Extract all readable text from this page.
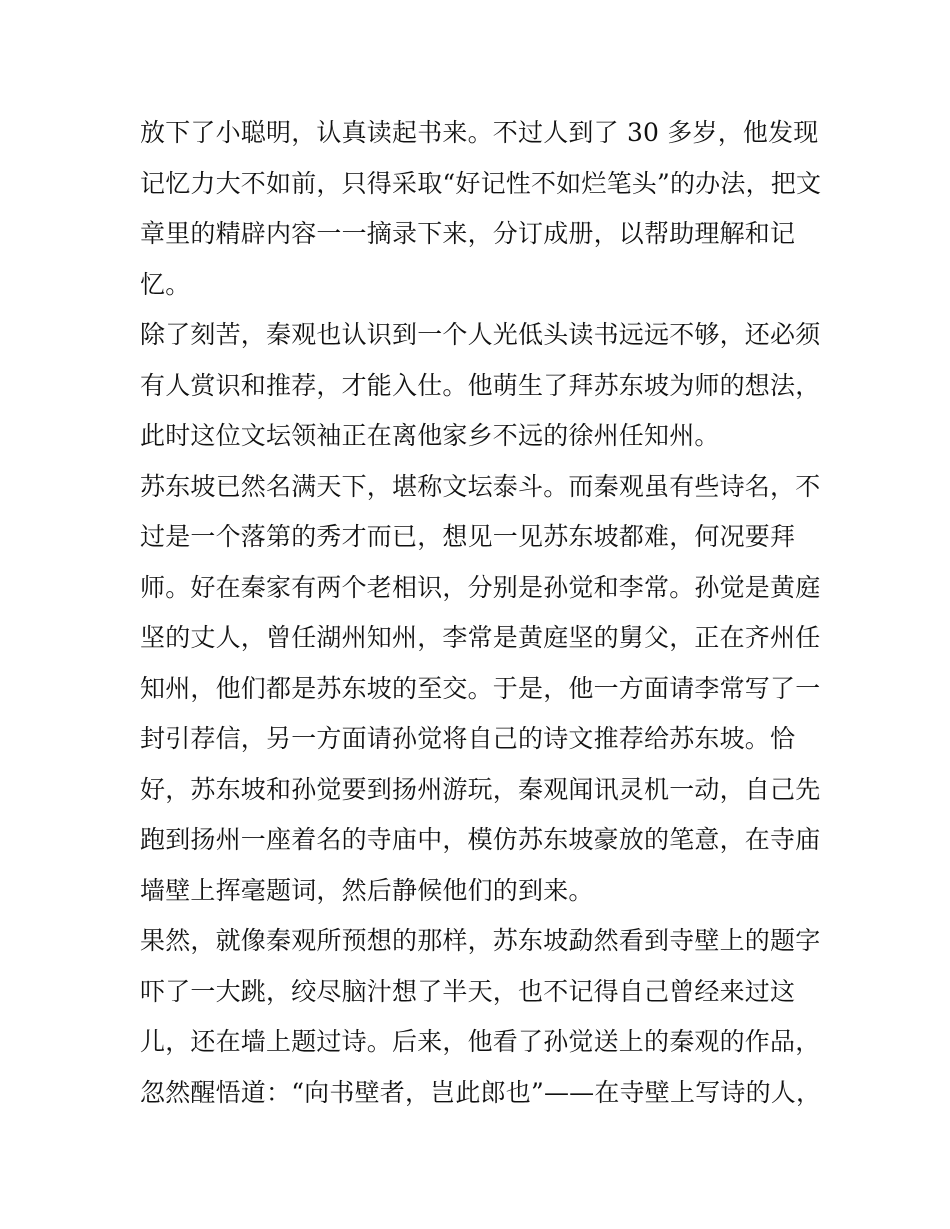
放下了小聪明，认真读起书来。不过人到了 30 多岁，他发现
记忆力大不如前，只得采取“好记性不如烂笔头”的办法，把文
章里的精辟内容一一摘录下来，分订成册，以帮助理解和记
忆。
除了刻苦，秦观也认识到一个人光低头读书远远不够，还必须
有人赏识和推荐，才能入仕。他萌生了拜苏东坡为师的想法，
此时这位文坛领袖正在离他家乡不远的徐州任知州。
苏东坡已然名满天下，堪称文坛泰斗。而秦观虽有些诗名，不
过是一个落第的秀才而已，想见一见苏东坡都难，何况要拜
师。好在秦家有两个老相识，分别是孙觉和李常。孙觉是黄庭
坚的丈人，曾任湖州知州，李常是黄庭坚的舅父，正在齐州任
知州，他们都是苏东坡的至交。于是，他一方面请李常写了一
封引荐信，另一方面请孙觉将自己的诗文推荐给苏东坡。恰
好，苏东坡和孙觉要到扬州游玩，秦观闻讯灵机一动，自己先
跑到扬州一座着名的寺庙中，模仿苏东坡豪放的笔意，在寺庙
墙壁上挥毫题词，然后静候他们的到来。
果然，就像秦观所预想的那样，苏东坡勐然看到寺壁上的题字
吓了一大跳，绞尽脑汁想了半天，也不记得自己曾经来过这
儿，还在墙上题过诗。后来，他看了孙觉送上的秦观的作品，
忽然醒悟道：“向书壁者，岂此郎也”——在寺壁上写诗的人，
